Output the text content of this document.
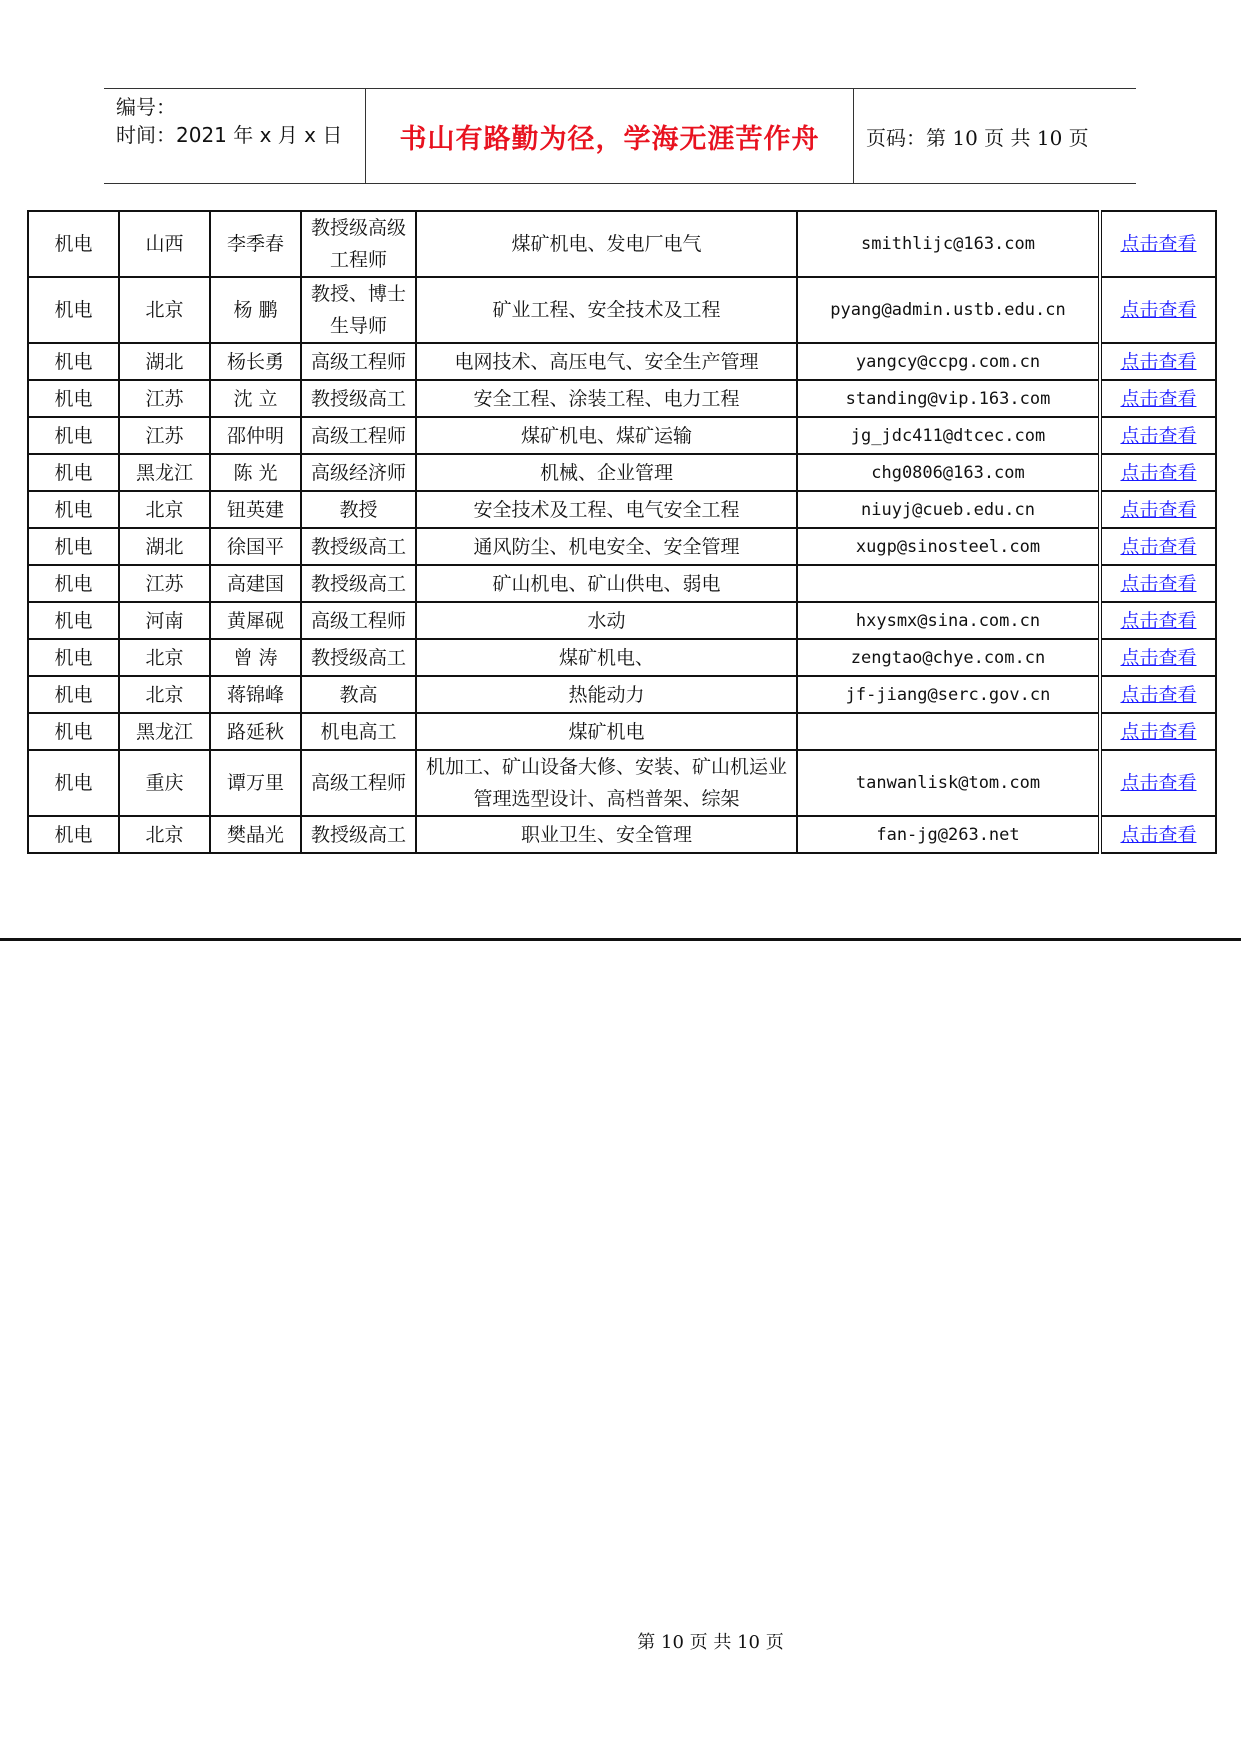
编号：
时间：2021 年 x 月 x 日	书山有路勤为径，学海无涯苦作舟	页码：第 10 页 共 10 页
机电	山西	李季春	教授级高级工程师	煤矿机电、发电厂电气	smithlijc@163.com	点击查看
机电	北京	杨 鹏	教授、博士生导师	矿业工程、安全技术及工程	pyang@admin.ustb.edu.cn	点击查看
机电	湖北	杨长勇	高级工程师	电网技术、高压电气、安全生产管理	yangcy@ccpg.com.cn	点击查看
机电	江苏	沈 立	教授级高工	安全工程、涂装工程、电力工程	standing@vip.163.com	点击查看
机电	江苏	邵仲明	高级工程师	煤矿机电、煤矿运输	jg_jdc411@dtcec.com	点击查看
机电	黑龙江	陈 光	高级经济师	机械、企业管理	chg0806@163.com	点击查看
机电	北京	钮英建	教授	安全技术及工程、电气安全工程	niuyj@cueb.edu.cn	点击查看
机电	湖北	徐国平	教授级高工	通风防尘、机电安全、安全管理	xugp@sinosteel.com	点击查看
机电	江苏	高建国	教授级高工	矿山机电、矿山供电、弱电		点击查看
机电	河南	黄犀砚	高级工程师	水动	hxysmx@sina.com.cn	点击查看
机电	北京	曾 涛	教授级高工	煤矿机电、	zengtao@chye.com.cn	点击查看
机电	北京	蒋锦峰	教高	热能动力	jf-jiang@serc.gov.cn	点击查看
机电	黑龙江	路延秋	机电高工	煤矿机电		点击查看
机电	重庆	谭万里	高级工程师	机加工、矿山设备大修、安装、矿山机运业管理选型设计、高档普架、综架	tanwanlisk@tom.com	点击查看
机电	北京	樊晶光	教授级高工	职业卫生、安全管理	fan-jg@263.net	点击查看
第 10 页 共 10 页
